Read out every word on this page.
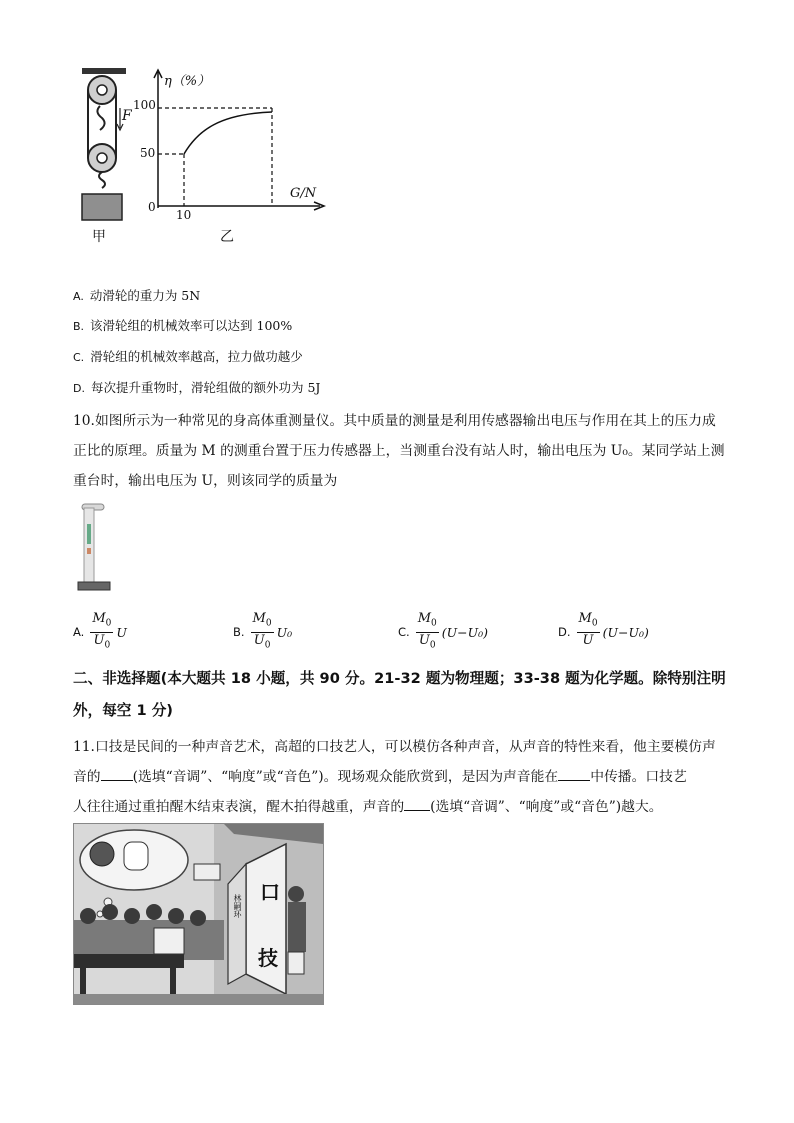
F
甲
η（%）
100
50
0
10
G/N
乙
A. 动滑轮的重力为 5N
B. 该滑轮组的机械效率可以达到 100%
C. 滑轮组的机械效率越高，拉力做功越少
D. 每次提升重物时，滑轮组做的额外功为 5J
10.如图所示为一种常见的身高体重测量仪。其中质量的测量是利用传感器输出电压与作用在其上的压力成
正比的原理。质量为 M 的测重台置于压力传感器上，当测重台没有站人时，输出电压为 U₀。某同学站上测
重台时，输出电压为 U，则该同学的质量为
A. $\frac{M_0}{U_0}$ U	B. $\frac{M_0}{U_0} U_0$	C. $\frac{M_0}{U_0} (U-U_0)$	D. $\frac{M_0}{U} (U-U_0)$
二、非选择题(本大题共 18 小题，共 90 分。21-32 题为物理题；33-38 题为化学题。除特别注明
外，每空 1 分)
11.口技是民间的一种声音艺术，高超的口技艺人，可以模仿各种声音，从声音的特性来看，他主要模仿声
音的 (选填“音调”、“响度”或“音色”)。现场观众能欣赏到，是因为声音能在 中传播。口技艺
人往往通过重拍醒木结束表演，醒木拍得越重，声音的 (选填“音调”、“响度”或“音色”)越大。
口
技
林嗣环
